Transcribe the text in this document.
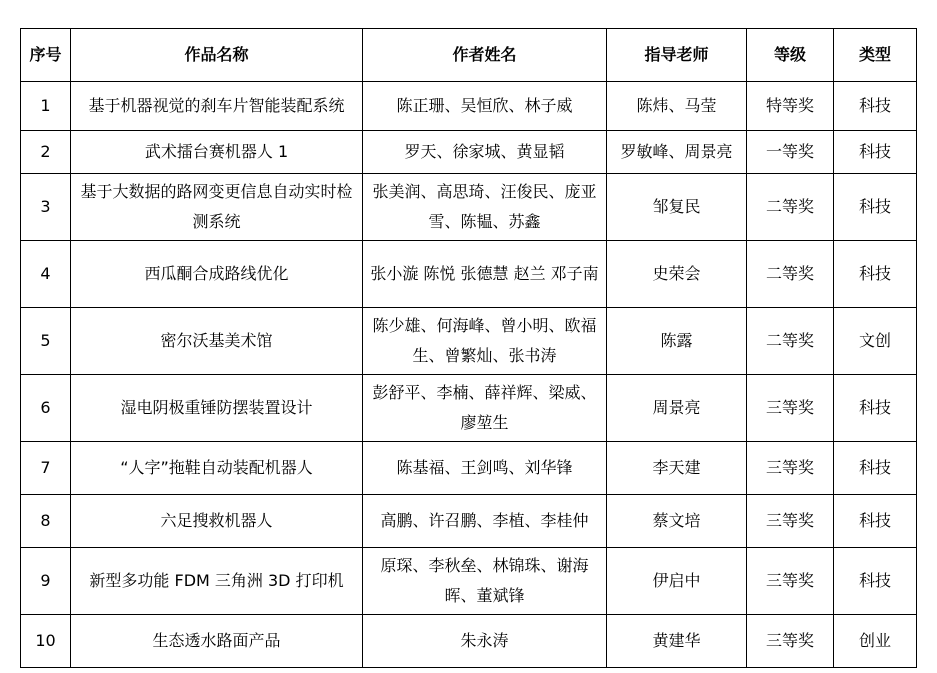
序号	作品名称	作者姓名	指导老师	等级	类型
1	基于机器视觉的刹车片智能装配系统	陈正珊、吴恒欣、林子威	陈炜、马莹	特等奖	科技
2	武术擂台赛机器人 1	罗天、徐家城、黄显韬	罗敏峰、周景亮	一等奖	科技
3	基于大数据的路网变更信息自动实时检测系统	张美润、高思琦、汪俊民、庞亚雪、陈韫、苏鑫	邹复民	二等奖	科技
4	西瓜酮合成路线优化	张小漩 陈悦 张德慧 赵兰 邓子南	史荣会	二等奖	科技
5	密尔沃基美术馆	陈少雄、何海峰、曾小明、欧福生、曾繁灿、张书涛	陈露	二等奖	文创
6	湿电阴极重锤防摆装置设计	彭舒平、李楠、薛祥辉、梁威、廖堃生	周景亮	三等奖	科技
7	“人字”拖鞋自动装配机器人	陈基福、王剑鸣、刘华锋	李天建	三等奖	科技
8	六足搜救机器人	高鹏、许召鹏、李植、李桂仲	蔡文培	三等奖	科技
9	新型多功能 FDM 三角洲 3D 打印机	原琛、李秋垒、林锦珠、谢海晖、董斌锋	伊启中	三等奖	科技
10	生态透水路面产品	朱永涛	黄建华	三等奖	创业
